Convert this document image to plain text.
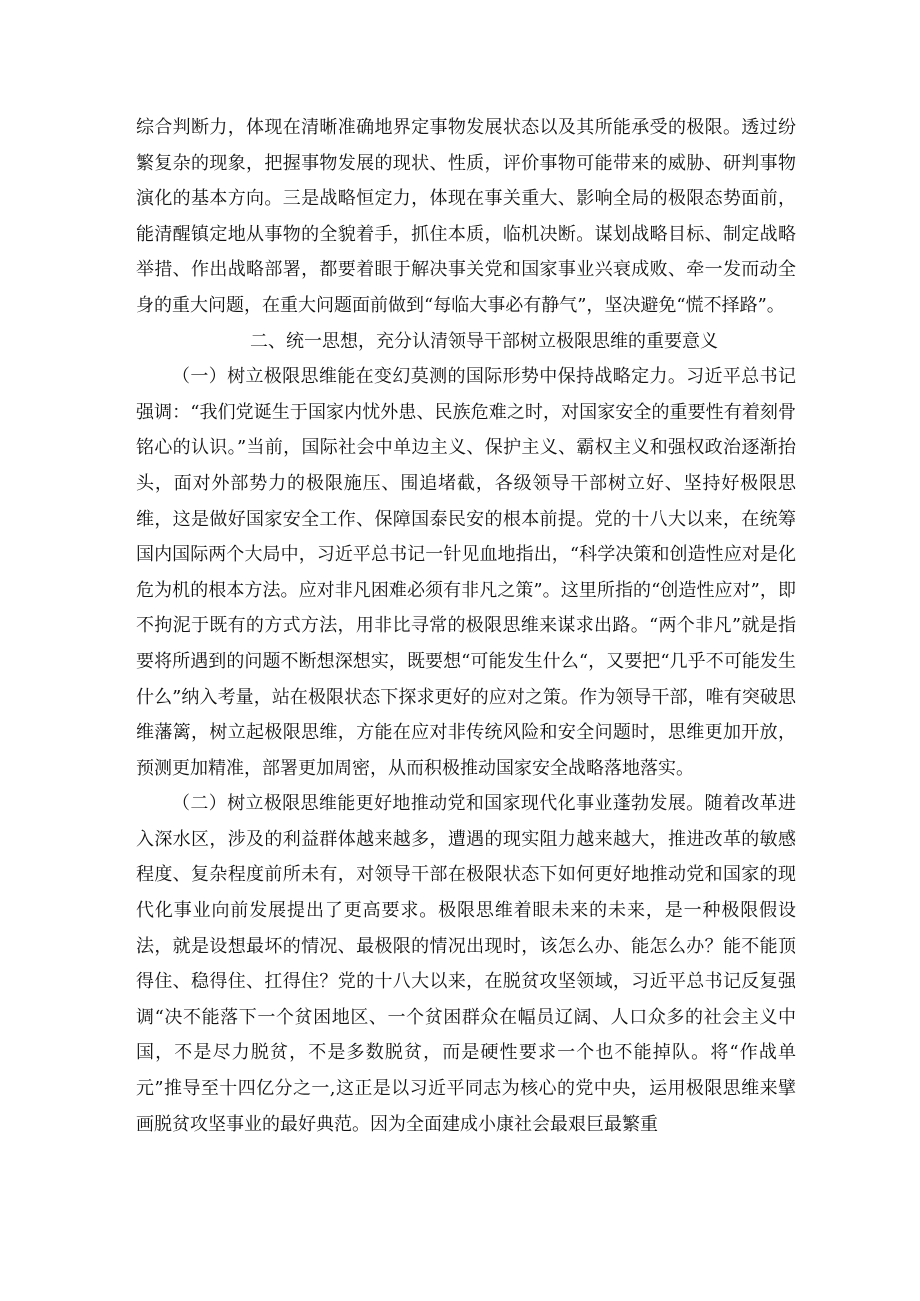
综合判断力，体现在清晰准确地界定事物发展状态以及其所能承受的极限。透过纷繁复杂的现象，把握事物发展的现状、性质，评价事物可能带来的威胁、研判事物演化的基本方向。三是战略恒定力，体现在事关重大、影响全局的极限态势面前，能清醒镇定地从事物的全貌着手，抓住本质，临机决断。谋划战略目标、制定战略举措、作出战略部署，都要着眼于解决事关党和国家事业兴衰成败、牵一发而动全身的重大问题，在重大问题面前做到“每临大事必有静气”，坚决避免“慌不择路”。

二、统一思想，充分认清领导干部树立极限思维的重要意义

（一）树立极限思维能在变幻莫测的国际形势中保持战略定力。习近平总书记强调：“我们党诞生于国家内忧外患、民族危难之时，对国家安全的重要性有着刻骨铭心的认识。”当前，国际社会中单边主义、保护主义、霸权主义和强权政治逐渐抬头，面对外部势力的极限施压、围追堵截，各级领导干部树立好、坚持好极限思维，这是做好国家安全工作、保障国泰民安的根本前提。党的十八大以来，在统筹国内国际两个大局中，习近平总书记一针见血地指出，“科学决策和创造性应对是化危为机的根本方法。应对非凡困难必须有非凡之策”。这里所指的“创造性应对”，即不拘泥于既有的方式方法，用非比寻常的极限思维来谋求出路。“两个非凡”就是指要将所遇到的问题不断想深想实，既要想“可能发生什么“，又要把“几乎不可能发生什么”纳入考量，站在极限状态下探求更好的应对之策。作为领导干部，唯有突破思维藩篱，树立起极限思维，方能在应对非传统风险和安全问题时，思维更加开放，预测更加精准，部署更加周密，从而积极推动国家安全战略落地落实。

（二）树立极限思维能更好地推动党和国家现代化事业蓬勃发展。随着改革进入深水区，涉及的利益群体越来越多，遭遇的现实阻力越来越大，推进改革的敏感程度、复杂程度前所未有，对领导干部在极限状态下如何更好地推动党和国家的现代化事业向前发展提出了更高要求。极限思维着眼未来的未来，是一种极限假设法，就是设想最坏的情况、最极限的情况出现时，该怎么办、能怎么办？能不能顶得住、稳得住、扛得住？党的十八大以来，在脱贫攻坚领域，习近平总书记反复强调“决不能落下一个贫困地区、一个贫困群众在幅员辽阔、人口众多的社会主义中国，不是尽力脱贫，不是多数脱贫，而是硬性要求一个也不能掉队。将“作战单元”推导至十四亿分之一,这正是以习近平同志为核心的党中央，运用极限思维来擘画脱贫攻坚事业的最好典范。因为全面建成小康社会最艰巨最繁重
